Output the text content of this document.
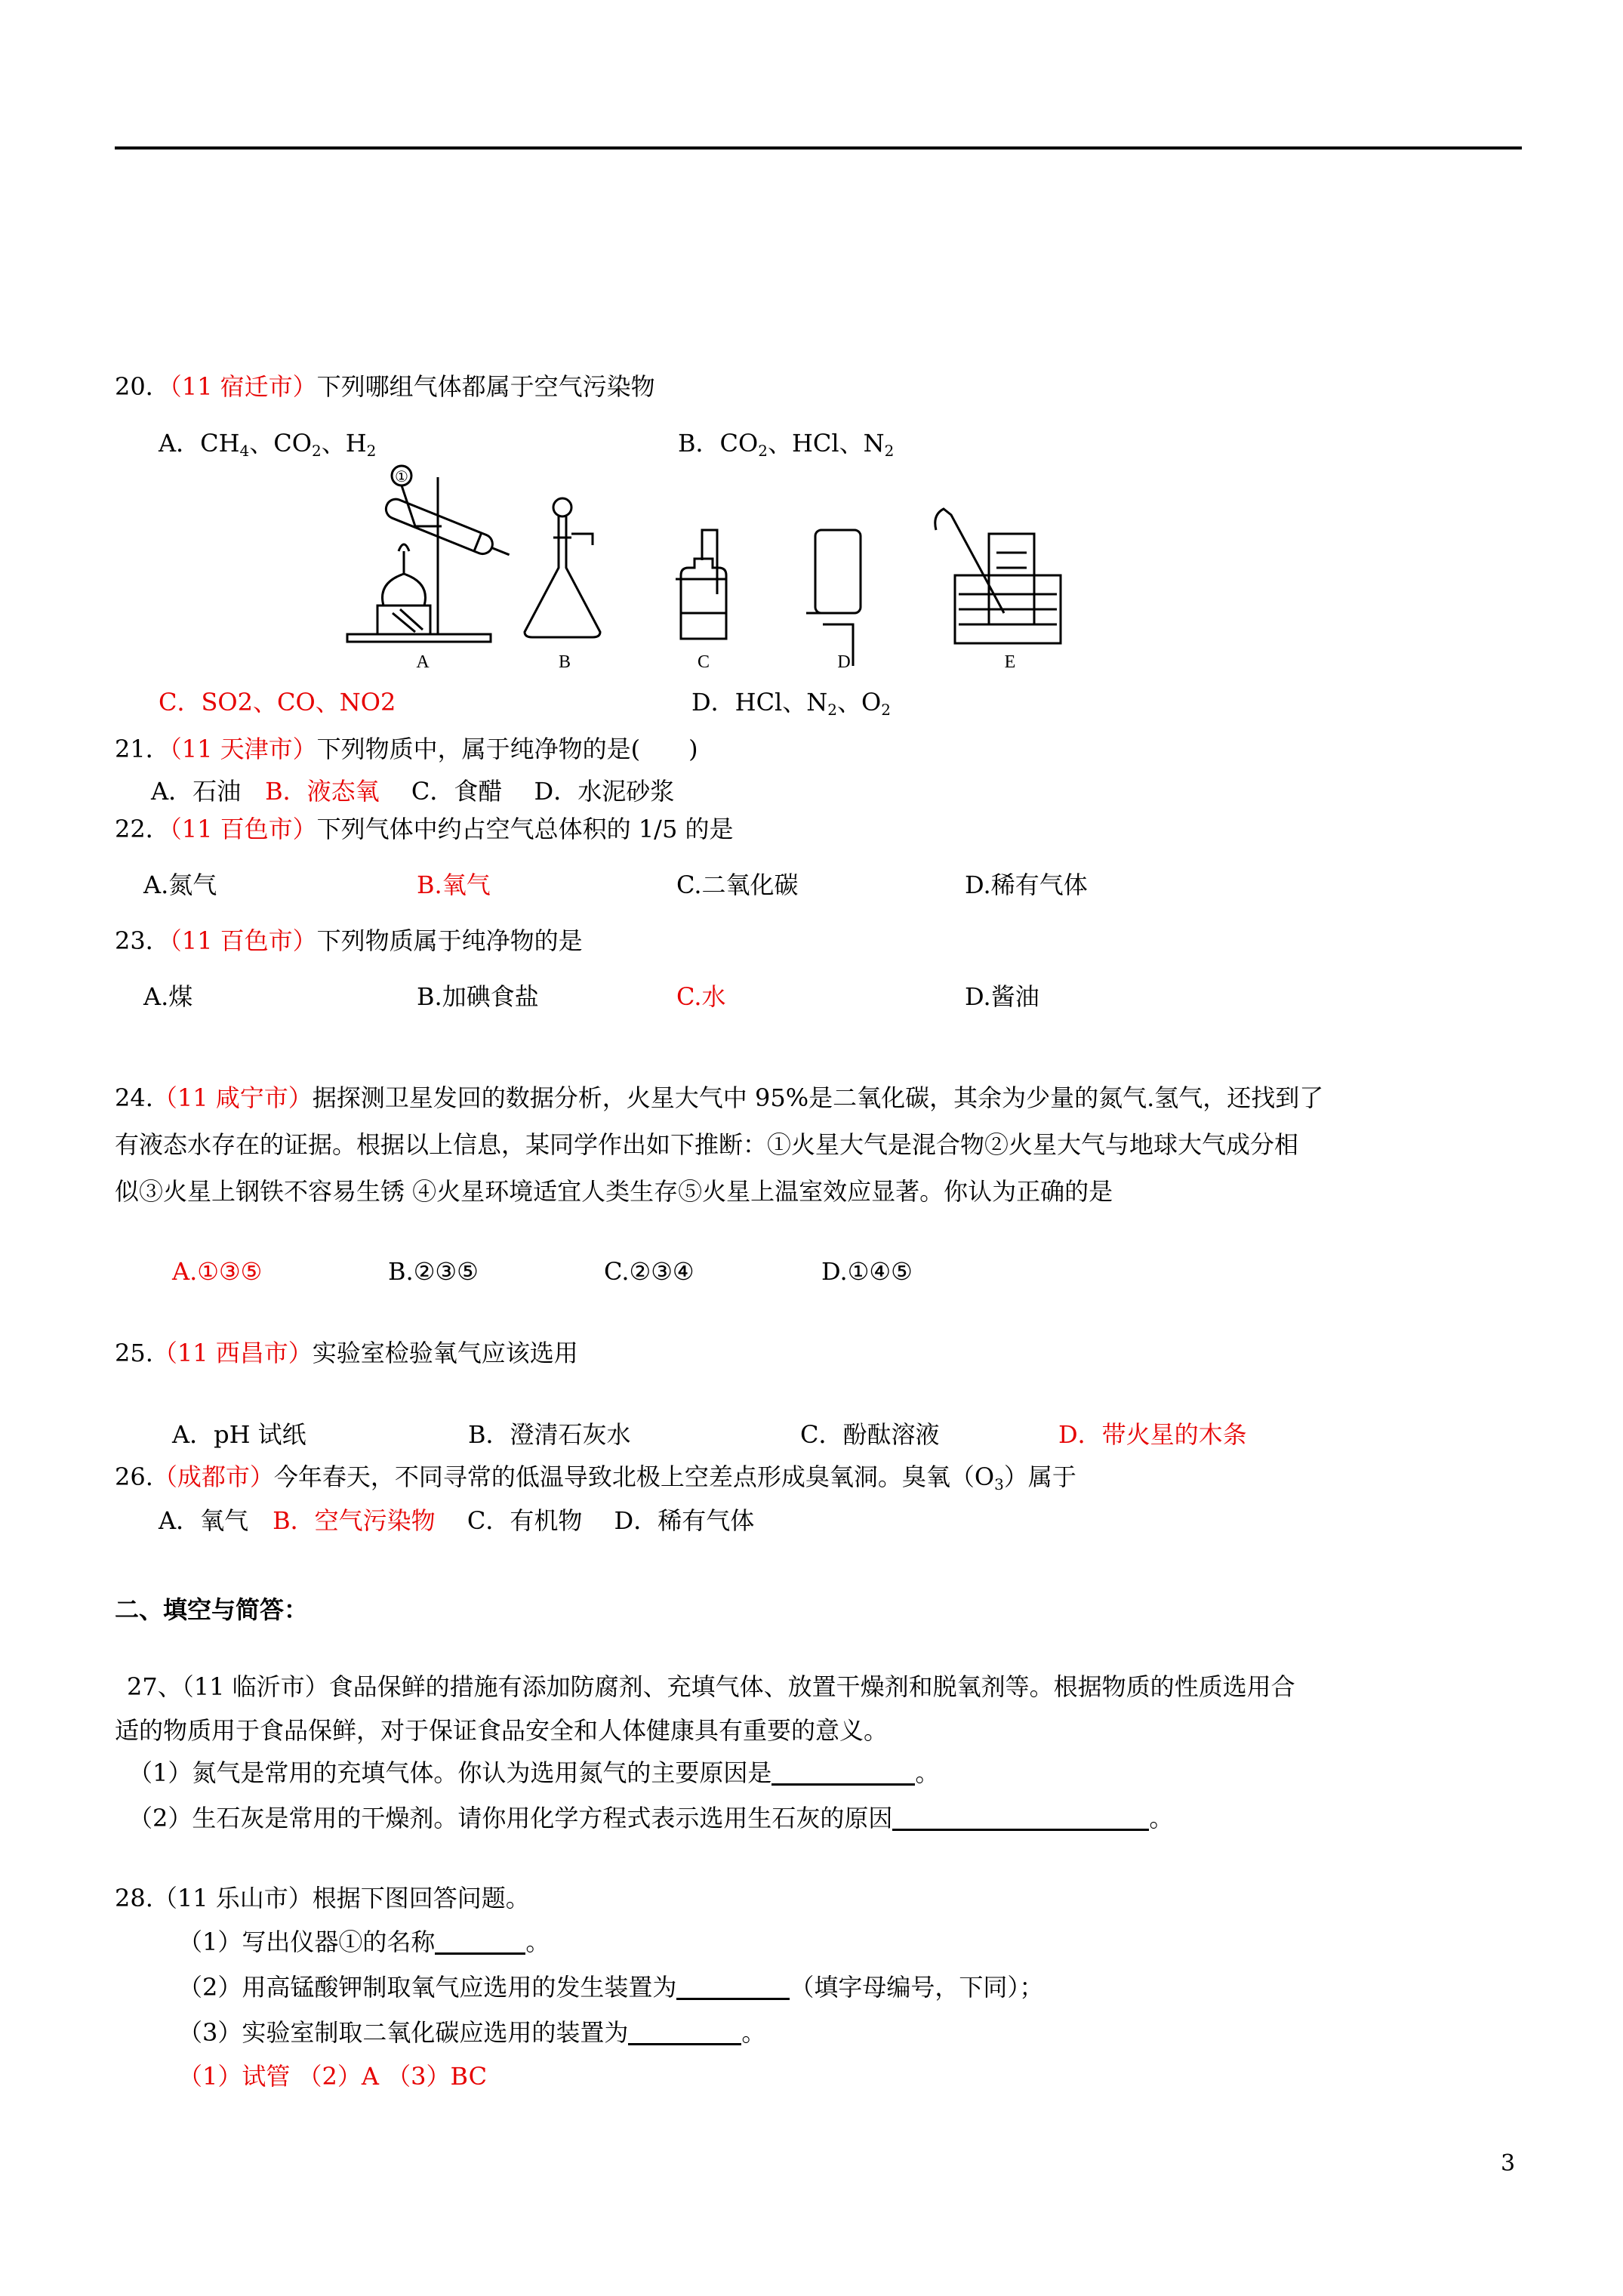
20．（11 宿迁市）下列哪组气体都属于空气污染物
A．$CH_4$、$CO_2$、$H_2$	B．$CO_2$、HCl、$N_2$
①
A	B	C	D	E
C．SO2、CO、NO2	D．HCl、$N_2$、$O_2$
21．（11 天津市）下列物质中，属于纯净物的是(　　)
A．石油　 B．液态氧　 C．食醋　 D．水泥砂浆
22．（11 百色市）下列气体中约占空气总体积的 1/5 的是
A.氮气	B.氧气	C.二氧化碳	D.稀有气体
23．（11 百色市）下列物质属于纯净物的是
A.煤	B.加碘食盐	C.水	D.酱油
24.（11 咸宁市）据探测卫星发回的数据分析，火星大气中 95%是二氧化碳，其余为少量的氮气.氢气，还找到了
有液态水存在的证据。根据以上信息，某同学作出如下推断：①火星大气是混合物②火星大气与地球大气成分相
似③火星上钢铁不容易生锈 ④火星环境适宜人类生存⑤火星上温室效应显著。你认为正确的是
A.①③⑤	B.②③⑤	C.②③④	D.①④⑤
25.（11 西昌市）实验室检验氧气应该选用
A．pH 试纸	B．澄清石灰水	C．酚酞溶液	D．带火星的木条
26.（成都市）今年春天，不同寻常的低温导致北极上空差点形成臭氧洞。臭氧$(O_3)$属于
A．氧气　 B．空气污染物　 C．有机物　 D．稀有气体
二、填空与简答：
27、（11 临沂市）食品保鲜的措施有添加防腐剂、充填气体、放置干燥剂和脱氧剂等。根据物质的性质选用合
适的物质用于食品保鲜，对于保证食品安全和人体健康具有重要的意义。
（1）氮气是常用的充填气体。你认为选用氮气的主要原因是	。
（2）生石灰是常用的干燥剂。请你用化学方程式表示选用生石灰的原因	。
28.（11 乐山市）根据下图回答问题。
（1）写出仪器①的名称	。
（2）用高锰酸钾制取氧气应选用的发生装置为	（填字母编号，下同）；
（3）实验室制取二氧化碳应选用的装置为	。
（1）试管 （2）A （3）BC
3
